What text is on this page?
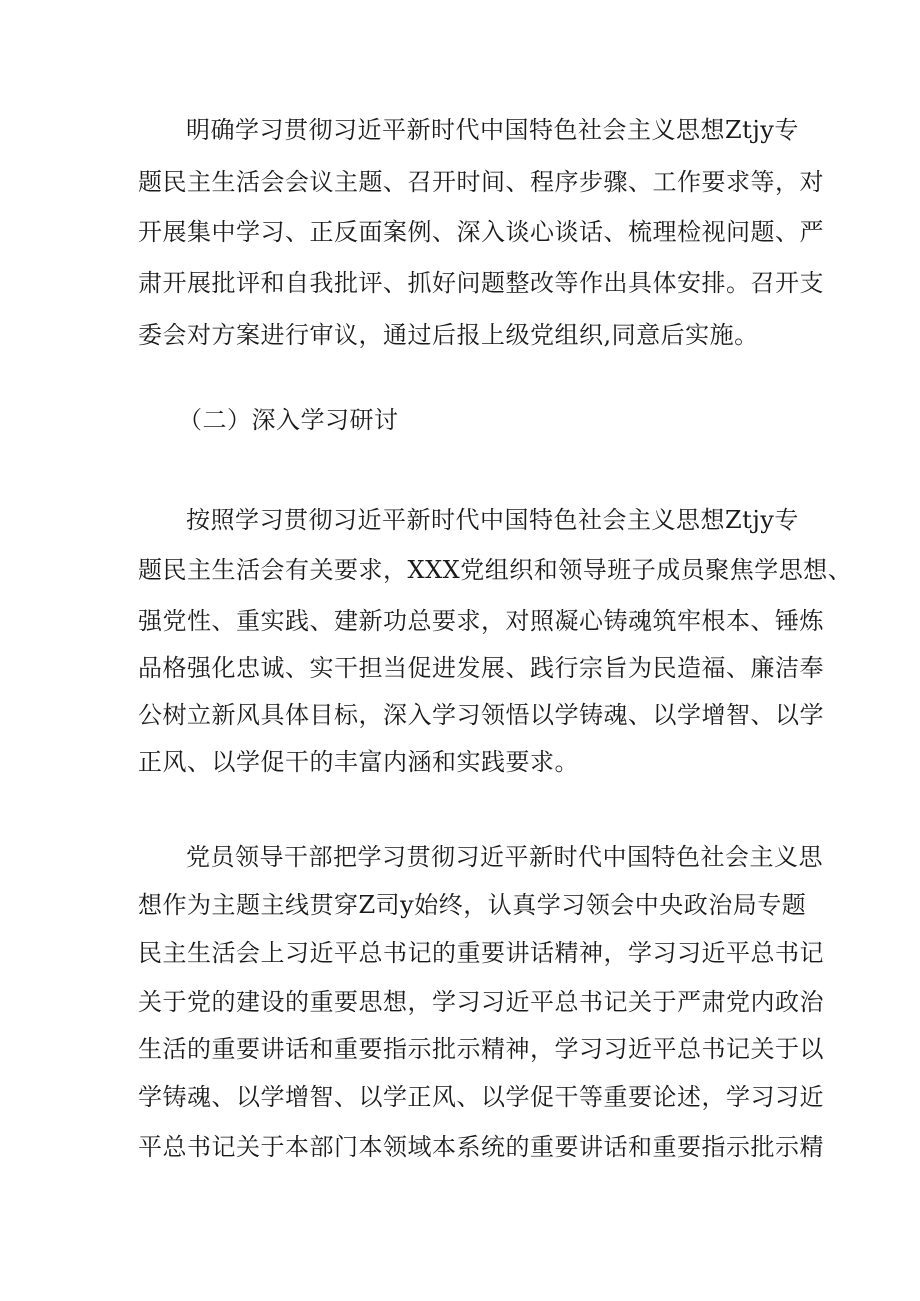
明确学习贯彻习近平新时代中国特色社会主义思想Ztjy专
题民主生活会会议主题、召开时间、程序步骤、工作要求等，对
开展集中学习、正反面案例、深入谈心谈话、梳理检视问题、严
肃开展批评和自我批评、抓好问题整改等作出具体安排。召开支
委会对方案进行审议，通过后报上级党组织,同意后实施。
（二）深入学习研讨
按照学习贯彻习近平新时代中国特色社会主义思想Ztjy专
题民主生活会有关要求，XXX党组织和领导班子成员聚焦学思想、
强党性、重实践、建新功总要求，对照凝心铸魂筑牢根本、锤炼
品格强化忠诚、实干担当促进发展、践行宗旨为民造福、廉洁奉
公树立新风具体目标，深入学习领悟以学铸魂、以学增智、以学
正风、以学促干的丰富内涵和实践要求。
党员领导干部把学习贯彻习近平新时代中国特色社会主义思
想作为主题主线贯穿Z司y始终，认真学习领会中央政治局专题
民主生活会上习近平总书记的重要讲话精神，学习习近平总书记
关于党的建设的重要思想，学习习近平总书记关于严肃党内政治
生活的重要讲话和重要指示批示精神，学习习近平总书记关于以
学铸魂、以学增智、以学正风、以学促干等重要论述，学习习近
平总书记关于本部门本领域本系统的重要讲话和重要指示批示精
